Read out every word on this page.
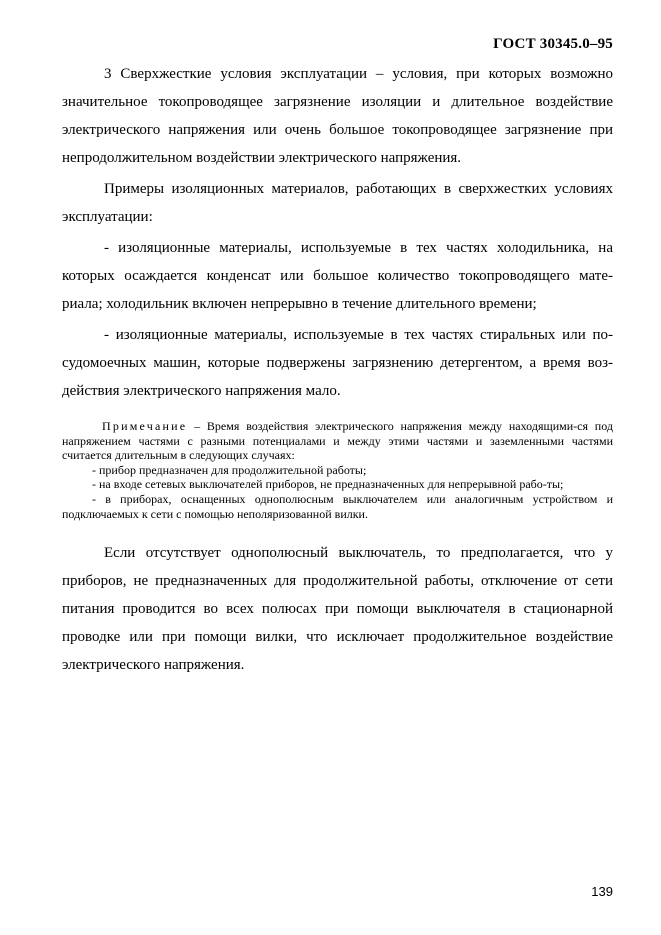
ГОСТ 30345.0–95

3 Сверхжесткие условия эксплуатации – условия, при которых возможно значительное токопроводящее загрязнение изоляции и длительное воздействие электрического напряжения или очень большое токопроводящее загрязнение при непродолжительном воздействии электрического напряжения.

Примеры изоляционных материалов, работающих в сверхжестких условиях эксплуатации:

- изоляционные материалы, используемые в тех частях холодильника, на которых осаждается конденсат или большое количество токопроводящего мате-риала; холодильник включен непрерывно в течение длительного времени;

- изоляционные материалы, используемые в тех частях стиральных или по-судомоечных машин, которые подвержены загрязнению детергентом, а время воз-действия электрического напряжения мало.

Примечание – Время воздействия электрического напряжения между находящими-ся под напряжением частями с разными потенциалами и между этими частями и заземленными частями считается длительным в следующих случаях:

- прибор предназначен для продолжительной работы;

- на входе сетевых выключателей приборов, не предназначенных для непрерывной рабо-ты;

- в приборах, оснащенных однополюсным выключателем или аналогичным устройством и подключаемых к сети с помощью неполяризованной вилки.

Если отсутствует однополюсный выключатель, то предполагается, что у приборов, не предназначенных для продолжительной работы, отключение от сети питания проводится во всех полюсах при помощи выключателя в стационарной проводке или при помощи вилки, что исключает продолжительное воздействие электрического напряжения.

139
